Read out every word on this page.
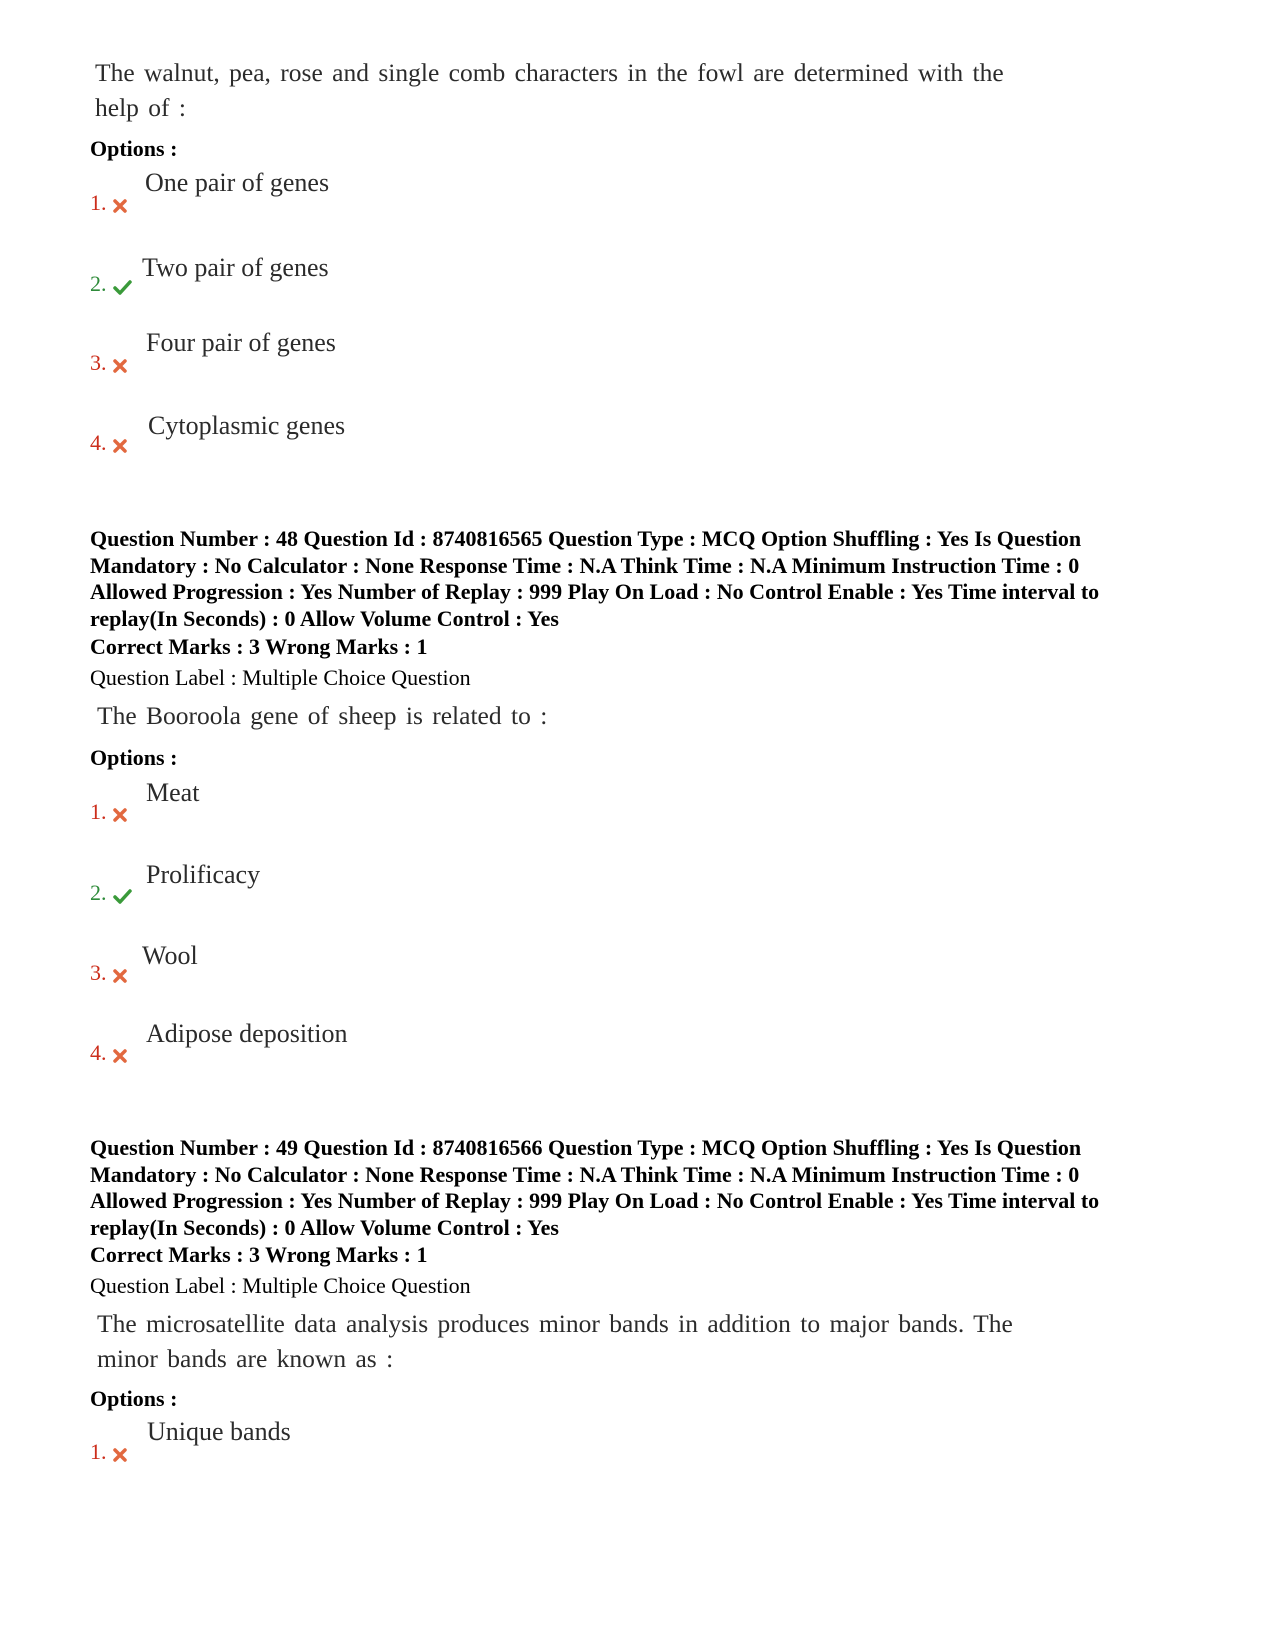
The walnut, pea, rose and single comb characters in the fowl are determined with the
help of :
Options :
1.
One pair of genes
2.
Two pair of genes
3.
Four pair of genes
4.
Cytoplasmic genes
Question Number : 48 Question Id : 8740816565 Question Type : MCQ Option Shuffling : Yes Is Question
Mandatory : No Calculator : None Response Time : N.A Think Time : N.A Minimum Instruction Time : 0
Allowed Progression : Yes Number of Replay : 999 Play On Load : No Control Enable : Yes Time interval to
replay(In Seconds) : 0 Allow Volume Control : Yes
Correct Marks : 3 Wrong Marks : 1
Question Label : Multiple Choice Question
The Booroola gene of sheep is related to :
Options :
1.
Meat
2.
Prolificacy
3.
Wool
4.
Adipose deposition
Question Number : 49 Question Id : 8740816566 Question Type : MCQ Option Shuffling : Yes Is Question
Mandatory : No Calculator : None Response Time : N.A Think Time : N.A Minimum Instruction Time : 0
Allowed Progression : Yes Number of Replay : 999 Play On Load : No Control Enable : Yes Time interval to
replay(In Seconds) : 0 Allow Volume Control : Yes
Correct Marks : 3 Wrong Marks : 1
Question Label : Multiple Choice Question
The microsatellite data analysis produces minor bands in addition to major bands. The
minor bands are known as :
Options :
1.
Unique bands
